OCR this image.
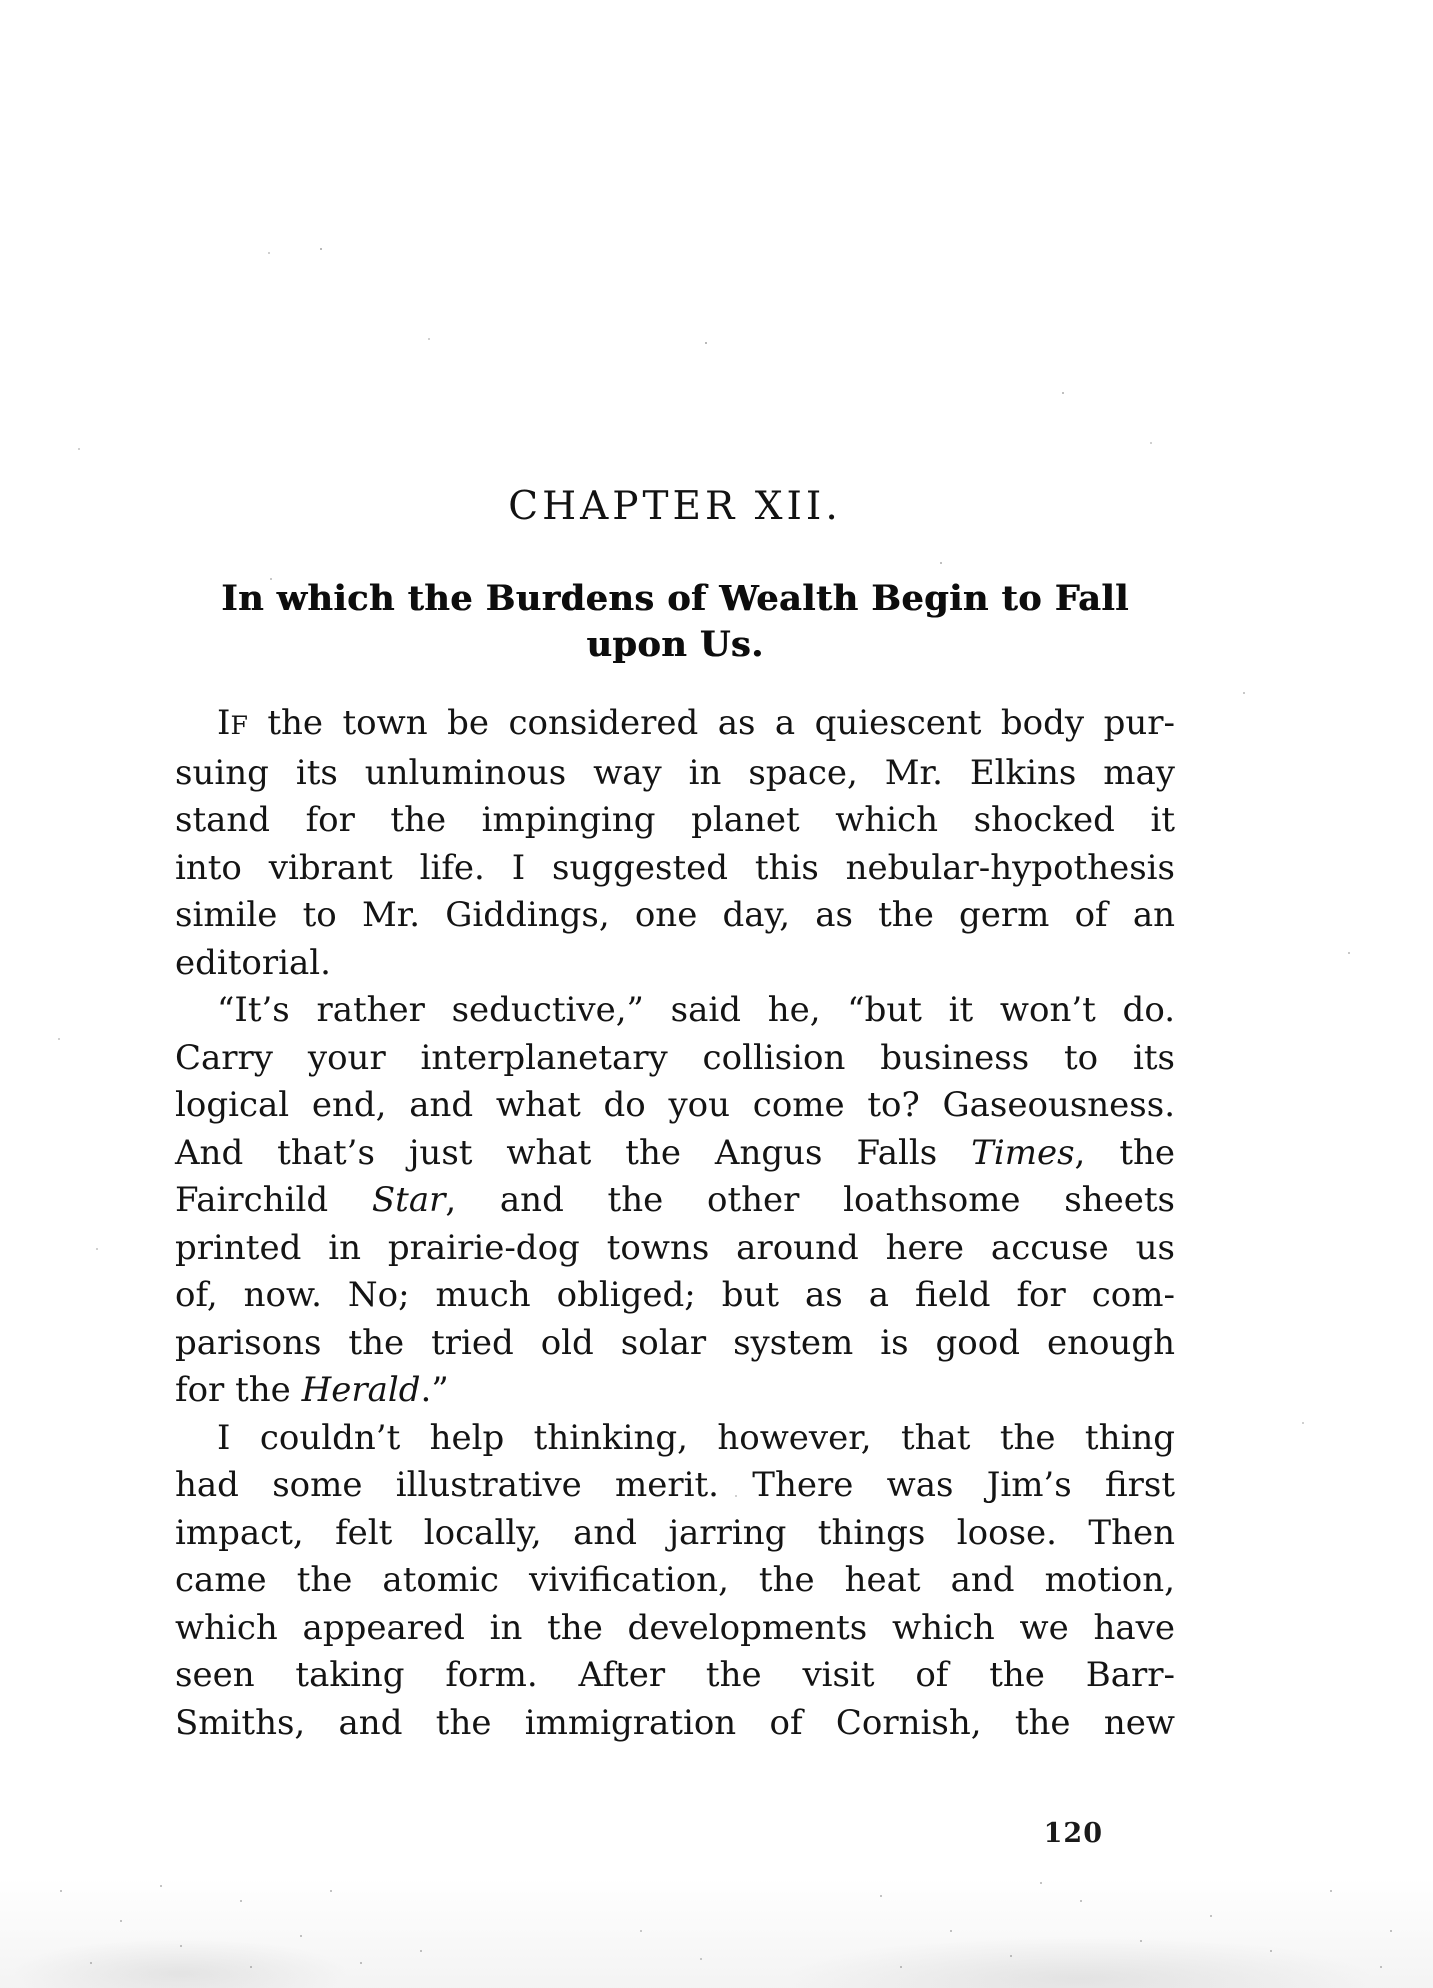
CHAPTER XII.
In which the Burdens of Wealth Begin to Fall
upon Us.
IF the town be considered as a quiescent body pur-
suing its unluminous way in space, Mr. Elkins may
stand for the impinging planet which shocked it
into vibrant life. I suggested this nebular-hypothesis
simile to Mr. Giddings, one day, as the germ of an
editorial.
“It’s rather seductive,” said he, “but it won’t do.
Carry your interplanetary collision business to its
logical end, and what do you come to? Gaseousness.
And that’s just what the Angus Falls Times, the
Fairchild Star, and the other loathsome sheets
printed in prairie-dog towns around here accuse us
of, now. No; much obliged; but as a field for com-
parisons the tried old solar system is good enough
for the Herald.”
I couldn’t help thinking, however, that the thing
had some illustrative merit. There was Jim’s first
impact, felt locally, and jarring things loose. Then
came the atomic vivification, the heat and motion,
which appeared in the developments which we have
seen taking form. After the visit of the Barr-
Smiths, and the immigration of Cornish, the new
120
